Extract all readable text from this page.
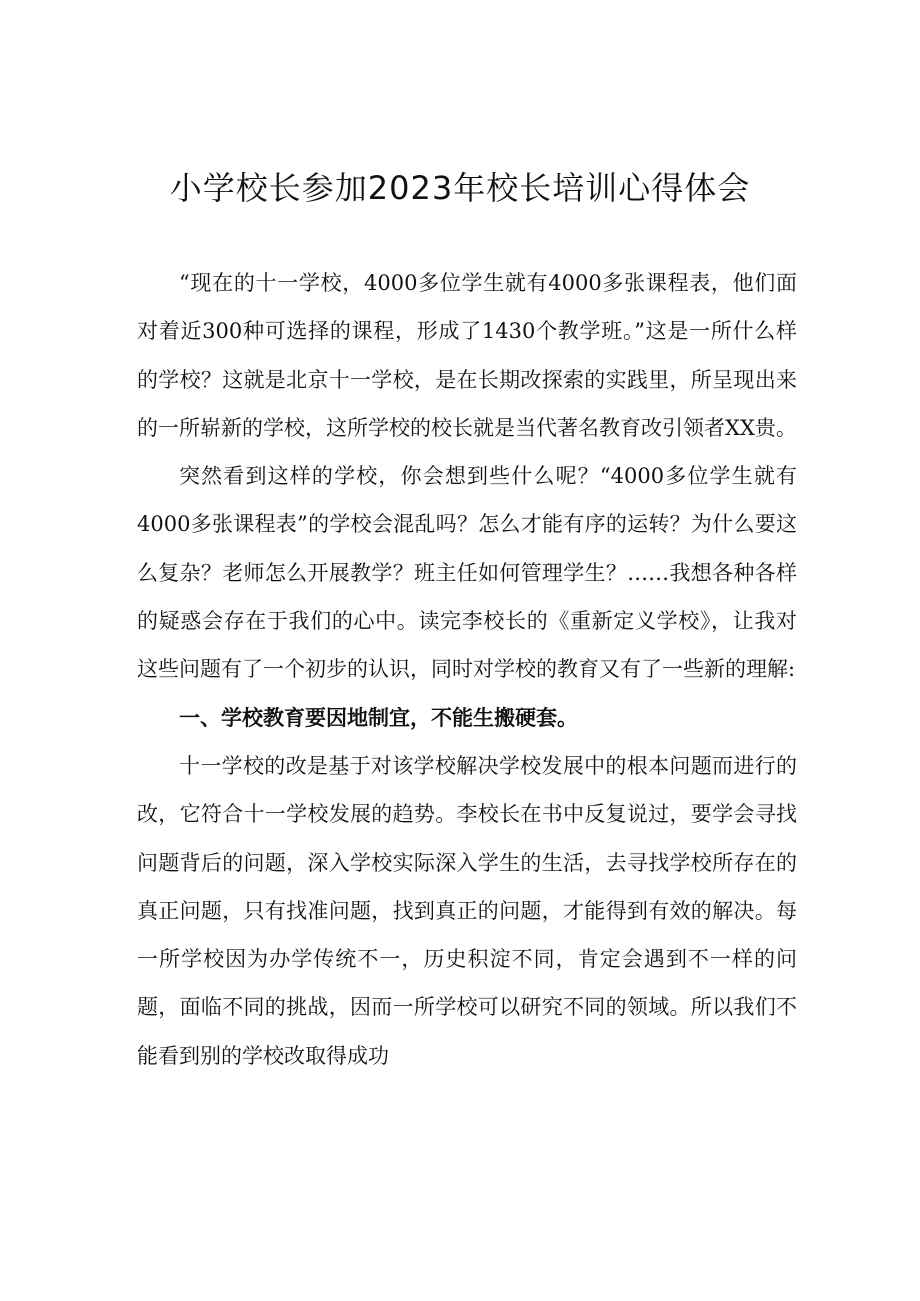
小学校长参加2023年校长培训心得体会

“现在的十一学校，4000多位学生就有4000多张课程表，他们面对着近300种可选择的课程，形成了1430个教学班。”这是一所什么样的学校？这就是北京十一学校，是在长期改探索的实践里，所呈现出来的一所崭新的学校，这所学校的校长就是当代著名教育改引领者XX贵。

突然看到这样的学校，你会想到些什么呢？“4000多位学生就有4000多张课程表”的学校会混乱吗？怎么才能有序的运转？为什么要这么复杂？老师怎么开展教学？班主任如何管理学生？……我想各种各样的疑惑会存在于我们的心中。读完李校长的《重新定义学校》，让我对这些问题有了一个初步的认识，同时对学校的教育又有了一些新的理解:

一、学校教育要因地制宜，不能生搬硬套。

十一学校的改是基于对该学校解决学校发展中的根本问题而进行的改，它符合十一学校发展的趋势。李校长在书中反复说过，要学会寻找问题背后的问题，深入学校实际深入学生的生活，去寻找学校所存在的真正问题，只有找准问题，找到真正的问题，才能得到有效的解决。每一所学校因为办学传统不一，历史积淀不同，肯定会遇到不一样的问题，面临不同的挑战，因而一所学校可以研究不同的领域。所以我们不能看到别的学校改取得成功
